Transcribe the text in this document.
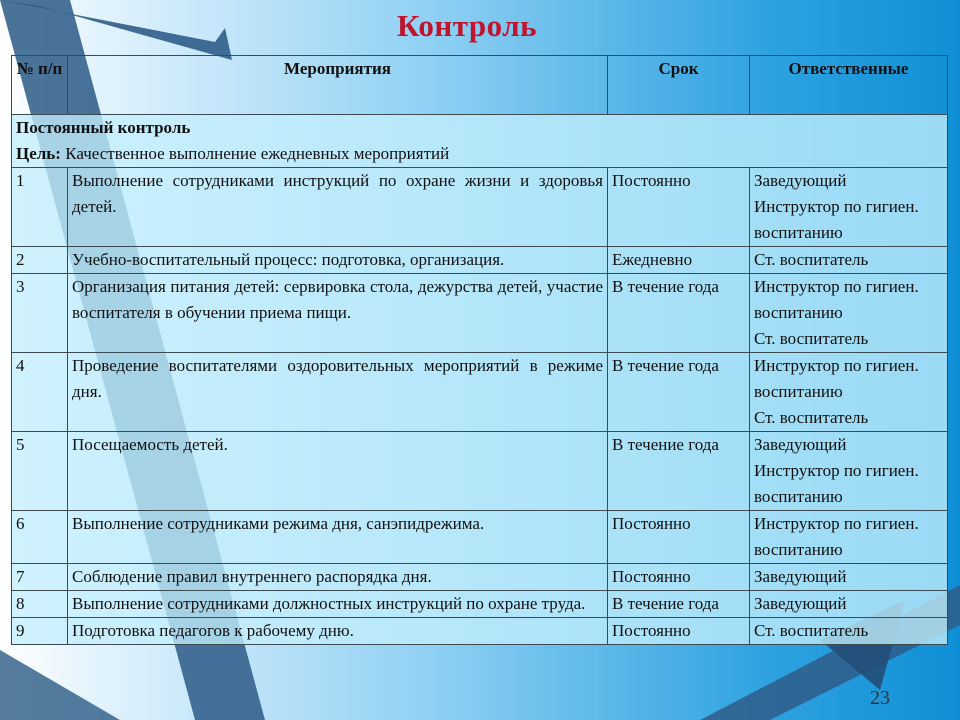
Контроль
№ п/п	Мероприятия	Срок	Ответственные

Постоянный контроль
Цель: Качественное выполнение ежедневных мероприятий			

1	Выполнение сотрудниками инструкций по охране жизни и здоровья детей.	Постоянно	Заведующий
Инструктор по гигиен. воспитанию

2	Учебно-воспитательный процесс: подготовка, организация.	Ежедневно	Ст. воспитатель

3	Организация питания детей: сервировка стола, дежурства детей, участие воспитателя в обучении приема пищи.	В течение года	Инструктор по гигиен. воспитанию
Ст. воспитатель

4	Проведение воспитателями оздоровительных мероприятий в режиме дня.	В течение года	Инструктор по гигиен. воспитанию
Ст. воспитатель

5	Посещаемость детей.	В течение года	Заведующий
Инструктор по гигиен. воспитанию

6	Выполнение сотрудниками режима дня, санэпидрежима.	Постоянно	Инструктор по гигиен. воспитанию

7	Соблюдение правил внутреннего распорядка дня.	Постоянно	Заведующий

8	Выполнение сотрудниками должностных инструкций по охране труда.	В течение года	Заведующий

9	Подготовка педагогов к рабочему дню.	Постоянно	Ст. воспитатель
23
